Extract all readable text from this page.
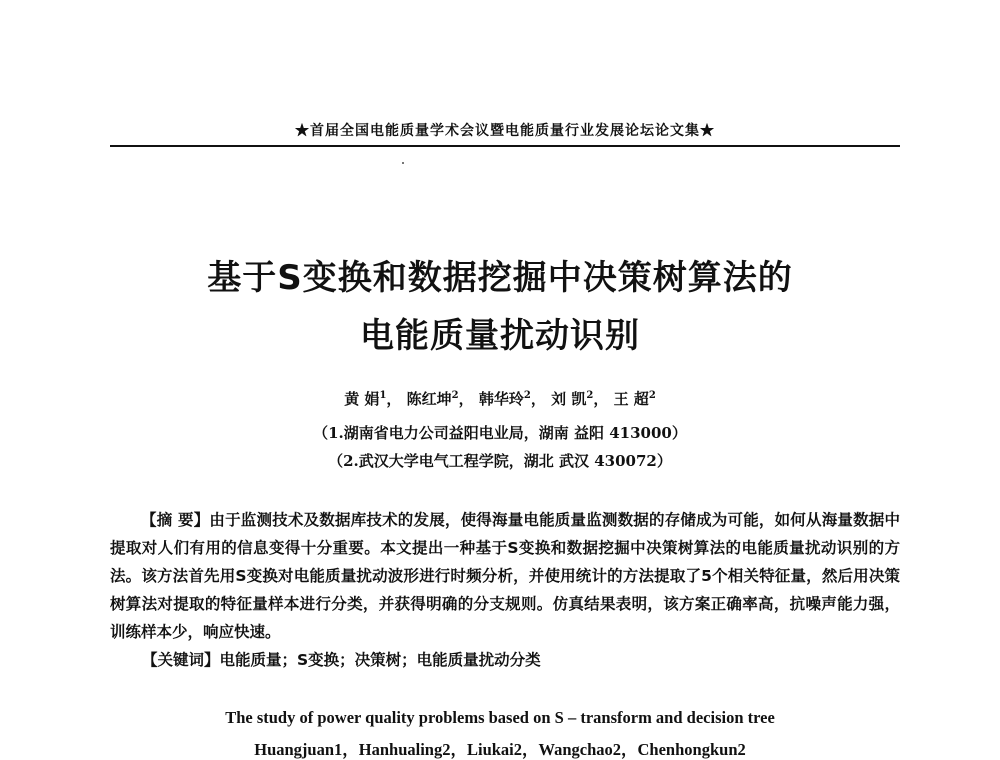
★首届全国电能质量学术会议暨电能质量行业发展论坛论文集★
基于S变换和数据挖掘中决策树算法的
电能质量扰动识别
黄 娟$^1$， 陈红坤$^2$， 韩华玲$^2$， 刘 凯$^2$， 王 超$^2$
（1.湖南省电力公司益阳电业局，湖南 益阳 413000）
（2.武汉大学电气工程学院，湖北 武汉 430072）

【摘 要】由于监测技术及数据库技术的发展，使得海量电能质量监测数据的存储成为可能，如何从海量数据中提取对人们有用的信息变得十分重要。本文提出一种基于S变换和数据挖掘中决策树算法的电能质量扰动识别的方法。该方法首先用S变换对电能质量扰动波形进行时频分析，并使用统计的方法提取了5个相关特征量，然后用决策树算法对提取的特征量样本进行分类，并获得明确的分支规则。仿真结果表明，该方案正确率高，抗噪声能力强，训练样本少，响应快速。

【关键词】电能质量；S变换；决策树；电能质量扰动分类
The study of power quality problems based on S – transform and decision tree
Huangjuan1，Hanhualing2，Liukai2，Wangchao2，Chenhongkun2
